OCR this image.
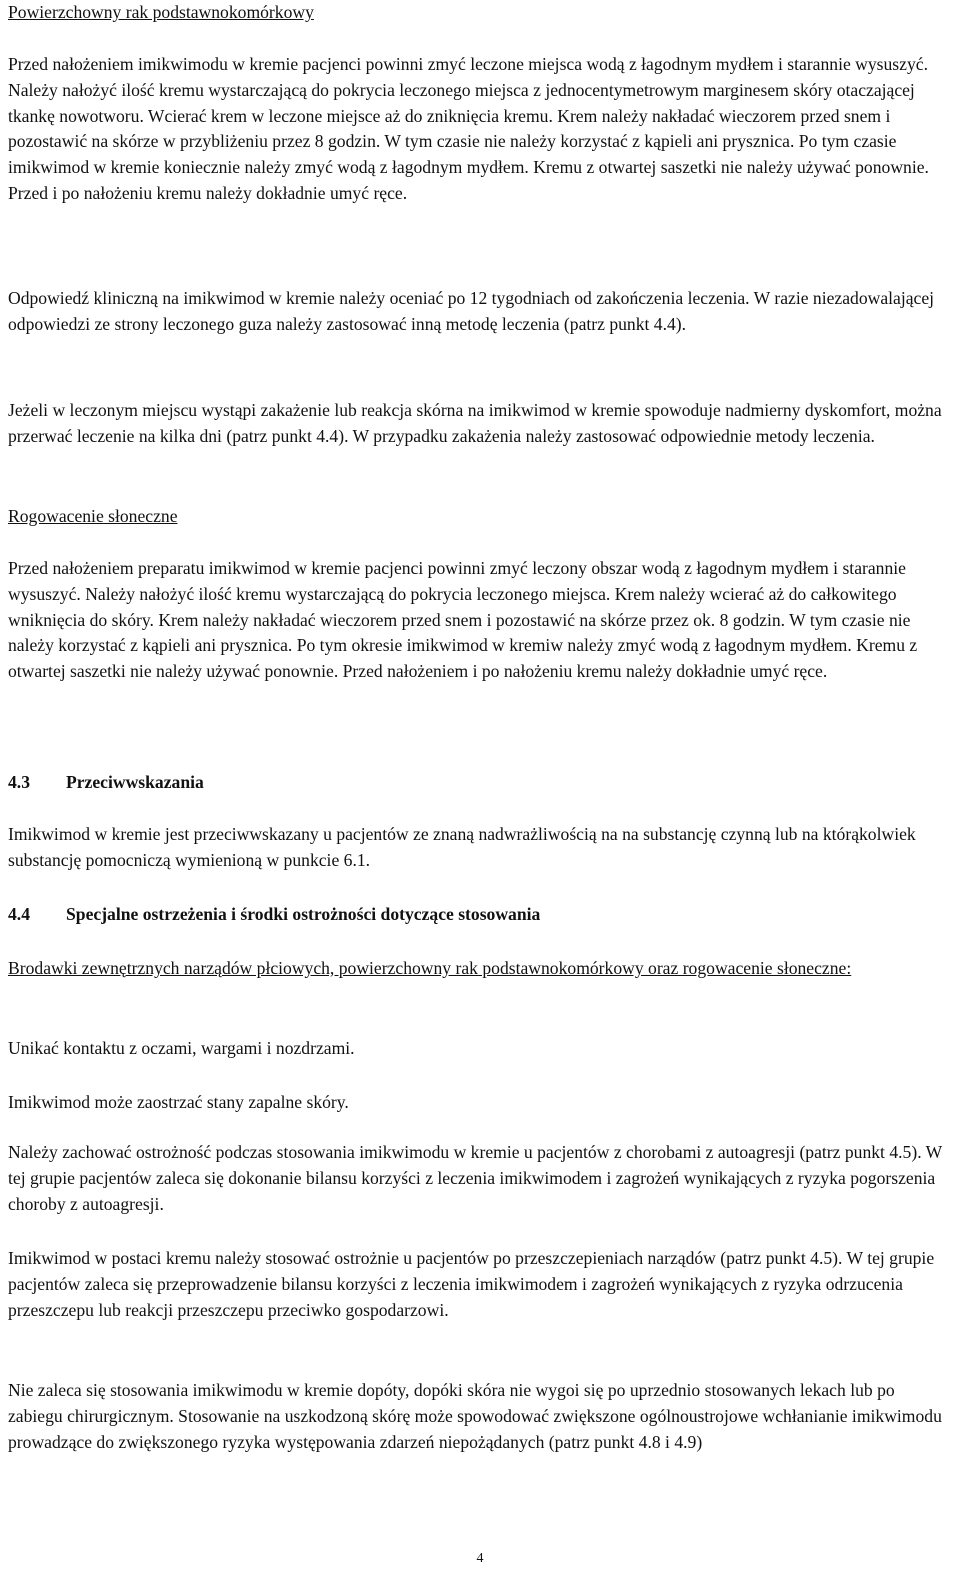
Powierzchowny rak podstawnokomórkowy

Przed nałożeniem imikwimodu w kremie pacjenci powinni zmyć leczone miejsca wodą z łagodnym mydłem i starannie wysuszyć. Należy nałożyć ilość kremu wystarczającą do pokrycia leczonego miejsca z jednocentymetrowym marginesem skóry otaczającej tkankę nowotworu. Wcierać krem w leczone miejsce aż do zniknięcia kremu. Krem należy nakładać wieczorem przed snem i pozostawić na skórze w przybliżeniu przez 8 godzin. W tym czasie nie należy korzystać z kąpieli ani prysznica. Po tym czasie imikwimod w kremie koniecznie należy zmyć wodą z łagodnym mydłem. Kremu z otwartej saszetki nie należy używać ponownie. Przed i po nałożeniu kremu należy dokładnie umyć ręce.

Odpowiedź kliniczną na imikwimod w kremie należy oceniać po 12 tygodniach od zakończenia leczenia. W razie niezadowalającej odpowiedzi ze strony leczonego guza należy zastosować inną metodę leczenia (patrz punkt 4.4).

Jeżeli w leczonym miejscu wystąpi zakażenie lub reakcja skórna na imikwimod w kremie spowoduje nadmierny dyskomfort, można przerwać leczenie na kilka dni (patrz punkt 4.4). W przypadku zakażenia należy zastosować odpowiednie metody leczenia.

Rogowacenie słoneczne

Przed nałożeniem preparatu imikwimod w kremie pacjenci powinni zmyć leczony obszar wodą z łagodnym mydłem i starannie wysuszyć. Należy nałożyć ilość kremu wystarczającą do pokrycia leczonego miejsca. Krem należy wcierać aż do całkowitego wniknięcia do skóry. Krem należy nakładać wieczorem przed snem i pozostawić na skórze przez ok. 8 godzin. W tym czasie nie należy korzystać z kąpieli ani prysznica. Po tym okresie imikwimod w kremiw należy zmyć wodą z łagodnym mydłem. Kremu z otwartej saszetki nie należy używać ponownie. Przed nałożeniem i po nałożeniu kremu należy dokładnie umyć ręce.

4.3	Przeciwwskazania

Imikwimod w kremie jest przeciwwskazany u pacjentów ze znaną nadwrażliwością na na substancję czynną lub na którąkolwiek substancję pomocniczą wymienioną w punkcie 6.1.

4.4	Specjalne ostrzeżenia i środki ostrożności dotyczące stosowania

Brodawki zewnętrznych narządów płciowych, powierzchowny rak podstawnokomórkowy oraz rogowacenie słoneczne:

Unikać kontaktu z oczami, wargami i nozdrzami.

Imikwimod może zaostrzać stany zapalne skóry.

Należy zachować ostrożność podczas stosowania imikwimodu w kremie u pacjentów z chorobami z autoagresji (patrz punkt 4.5). W tej grupie pacjentów zaleca się dokonanie bilansu korzyści z leczenia imikwimodem i zagrożeń wynikających z ryzyka pogorszenia choroby z autoagresji.

Imikwimod w postaci kremu należy stosować ostrożnie u pacjentów po przeszczepieniach narządów (patrz punkt 4.5). W tej grupie pacjentów zaleca się przeprowadzenie bilansu korzyści z leczenia imikwimodem i zagrożeń wynikających z ryzyka odrzucenia przeszczepu lub reakcji przeszczepu przeciwko gospodarzowi.

Nie zaleca się stosowania imikwimodu w kremie dopóty, dopóki skóra nie wygoi się po uprzednio stosowanych lekach lub po zabiegu chirurgicznym. Stosowanie na uszkodzoną skórę może spowodować zwiększone ogólnoustrojowe wchłanianie imikwimodu prowadzące do zwiększonego ryzyka występowania zdarzeń niepożądanych (patrz punkt 4.8 i 4.9)

4
